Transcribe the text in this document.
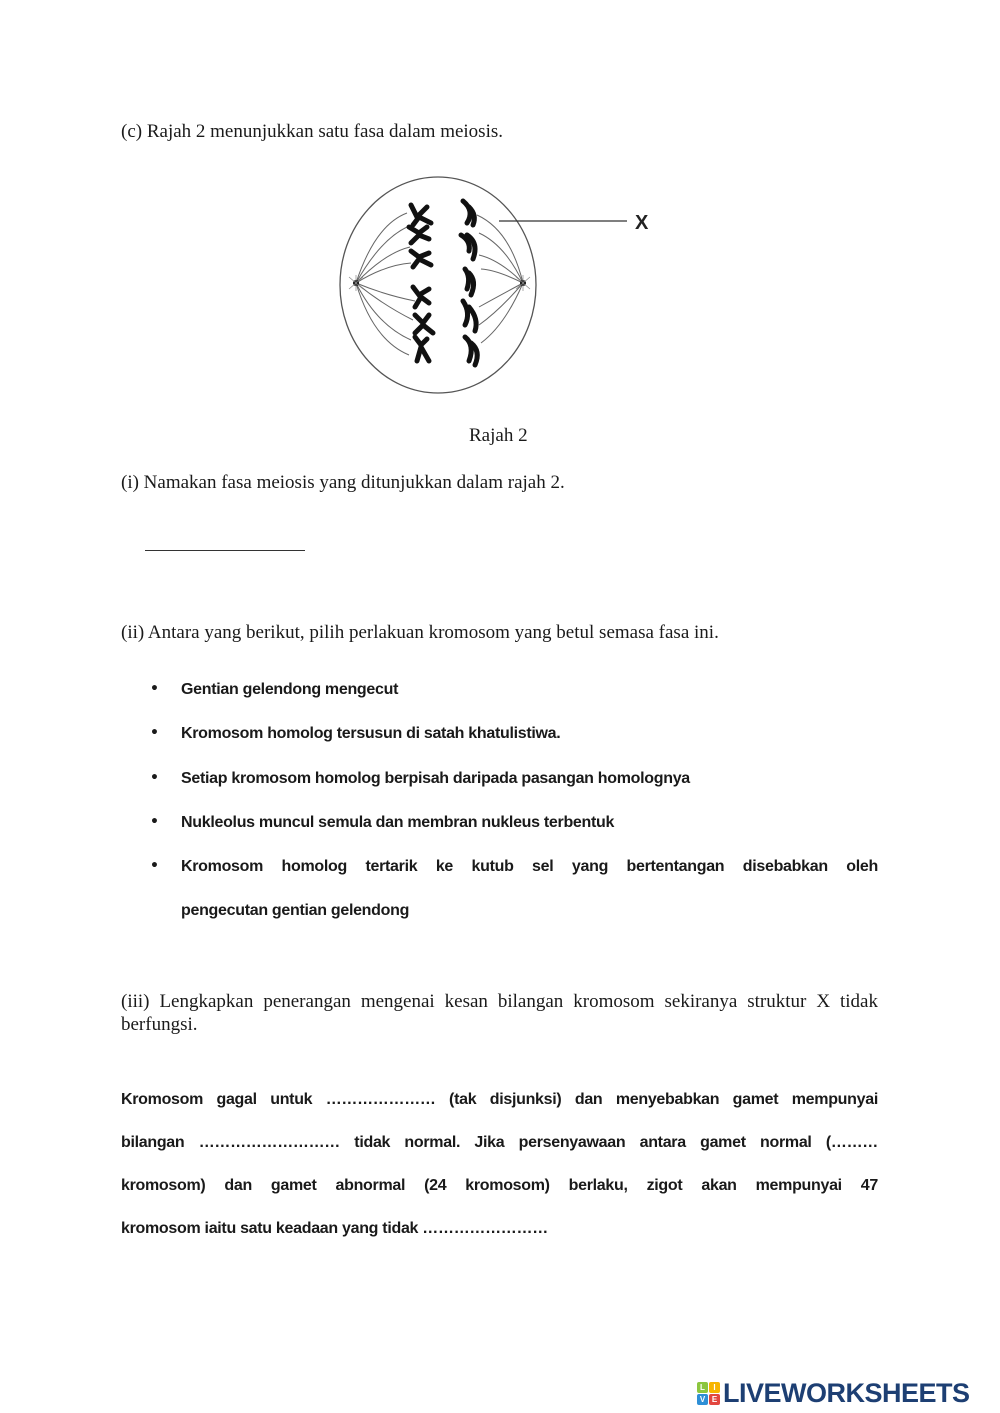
(c) Rajah 2 menunjukkan satu fasa dalam meiosis.
X
Rajah 2
(i) Namakan fasa meiosis yang ditunjukkan dalam rajah 2.
(ii) Antara yang berikut, pilih perlakuan kromosom yang betul semasa fasa ini.
•	Gentian gelendong mengecut
•	Kromosom homolog tersusun di satah khatulistiwa.
•	Setiap kromosom homolog berpisah daripada pasangan homolognya
•	Nukleolus muncul semula dan membran nukleus terbentuk
•	Kromosom homolog tertarik ke kutub sel yang bertentangan disebabkan oleh
pengecutan gentian gelendong
(iii) Lengkapkan penerangan mengenai kesan bilangan kromosom sekiranya struktur X tidak berfungsi.
Kromosom gagal untuk ………………… (tak disjunksi) dan menyebabkan gamet mempunyai
bilangan ……………………… tidak normal. Jika persenyawaan antara gamet normal (………
kromosom) dan gamet abnormal (24 kromosom) berlaku, zigot akan mempunyai 47
kromosom iaitu satu keadaan yang tidak ……………………
L	I
V E LIVEWORKSHEETS
